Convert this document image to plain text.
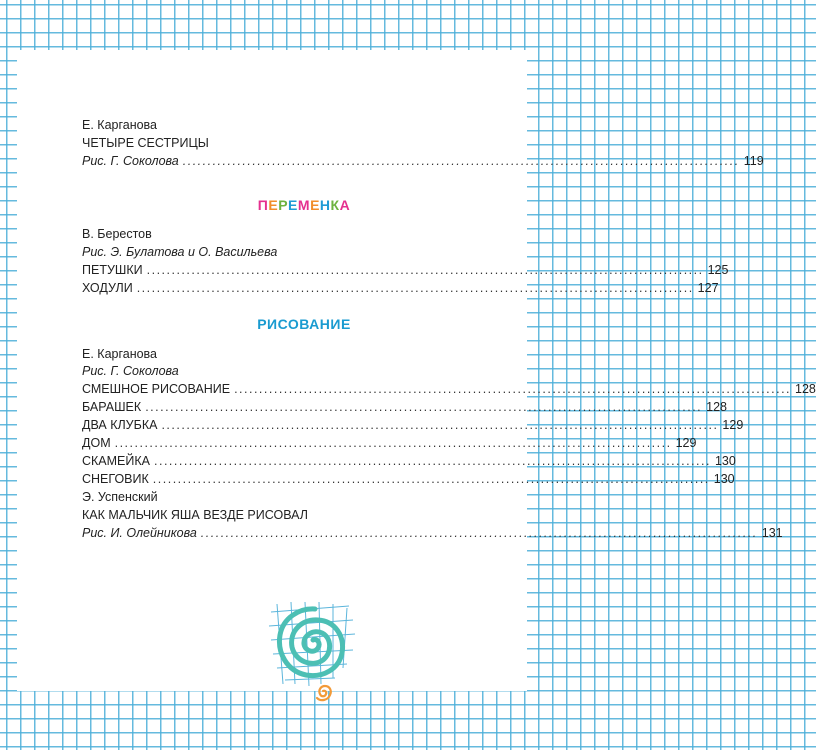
Е. Карганова
ЧЕТЫРЕ СЕСТРИЦЫ
Рис. Г. Соколова ................................................................................................................ 119
ПЕРЕМЕНКА
В. Берестов
Рис. Э. Булатова и О. Васильева
ПЕТУШКИ ................................................................................................................ 125
ХОДУЛИ ................................................................................................................ 127
РИСОВАНИЕ
Е. Карганова
Рис. Г. Соколова
СМЕШНОЕ РИСОВАНИЕ ................................................................................................................ 128
БАРАШЕК ................................................................................................................ 128
ДВА КЛУБКА ................................................................................................................ 129
ДОМ ................................................................................................................ 129
СКАМЕЙКА ................................................................................................................ 130
СНЕГОВИК ................................................................................................................ 130
Э. Успенский
КАК МАЛЬЧИК ЯША ВЕЗДЕ РИСОВАЛ
Рис. И. Олейникова ................................................................................................................ 131
